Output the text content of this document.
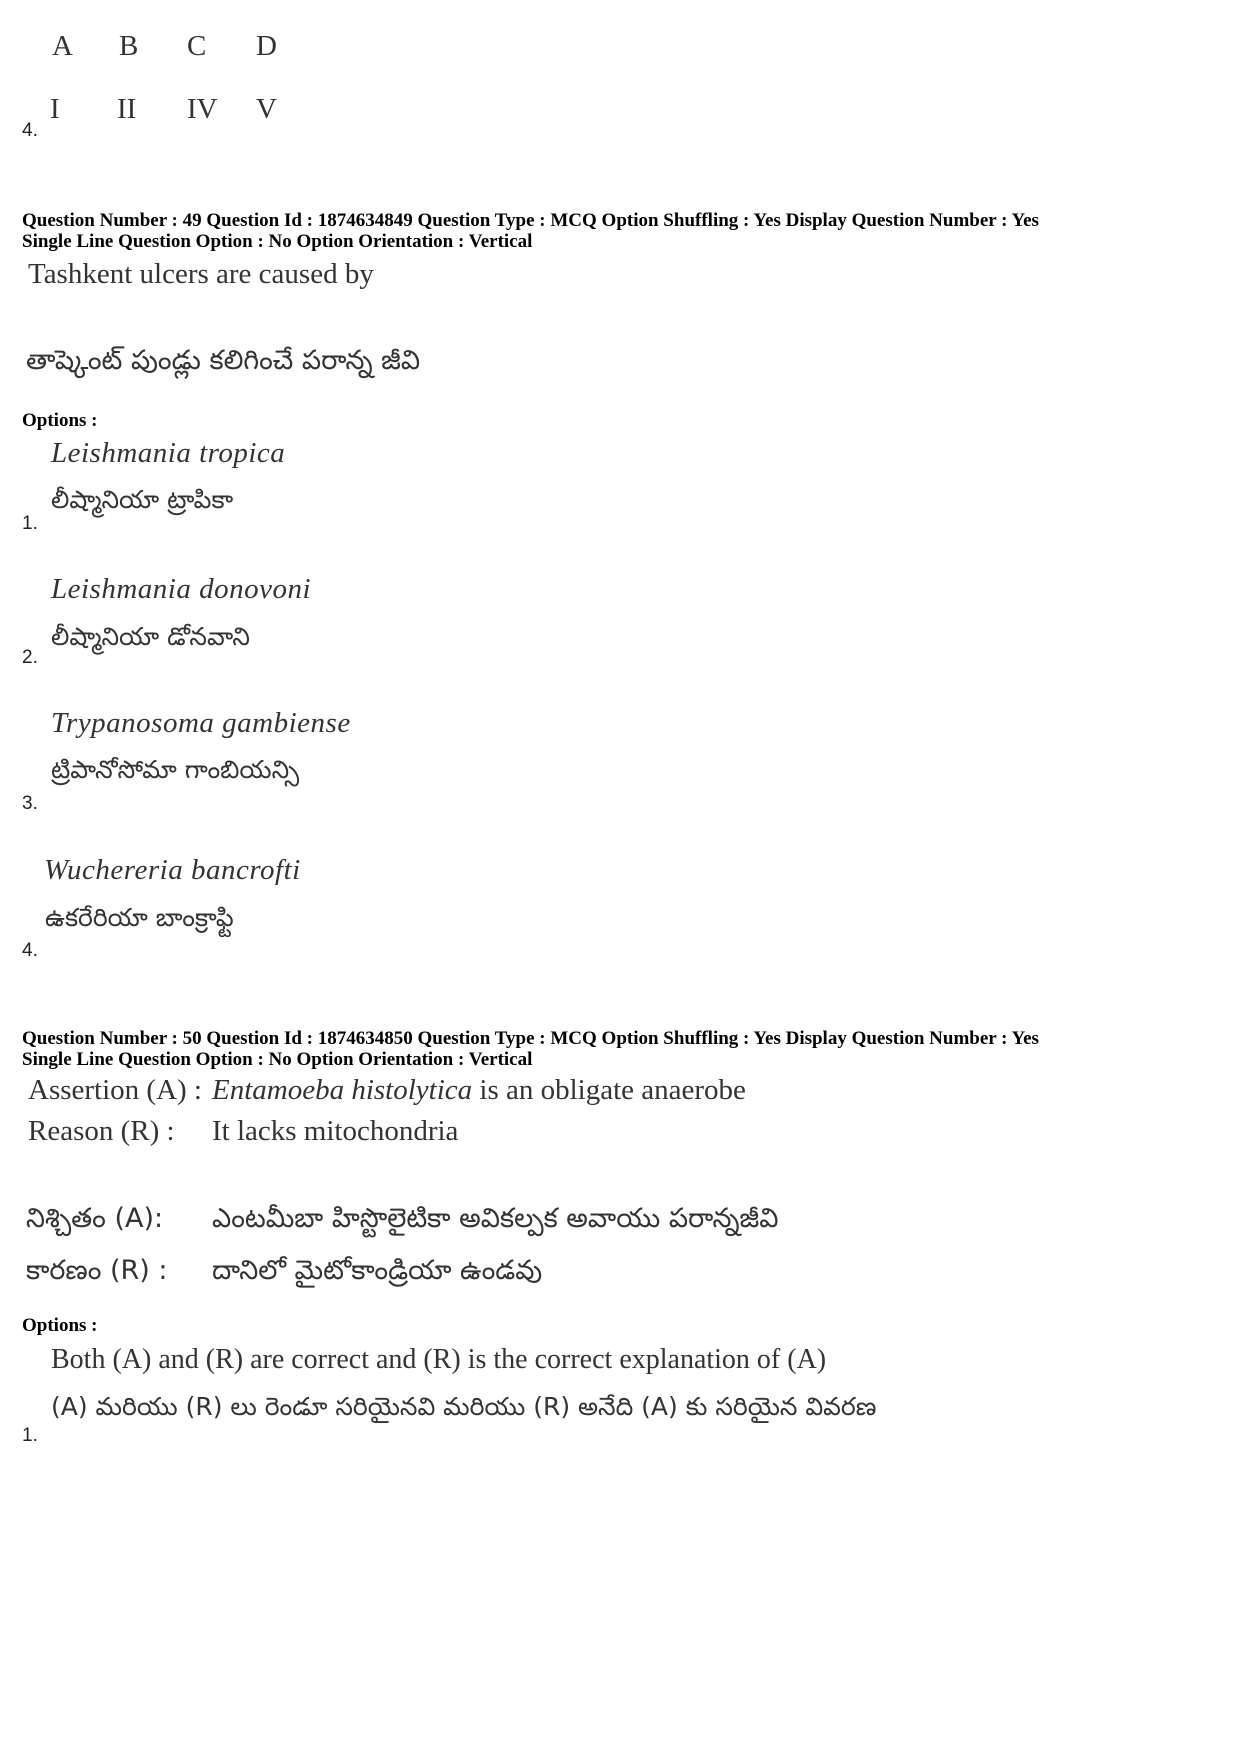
A B C D
I II IV V
4.
Question Number : 49 Question Id : 1874634849 Question Type : MCQ Option Shuffling : Yes Display Question Number : Yes
Single Line Question Option : No Option Orientation : Vertical
Tashkent ulcers are caused by
తాష్కెంట్ పుండ్లు కలిగించే పరాన్న జీవి
Options :
Leishmania tropica
లీష్మానియా ట్రాపికా
1.
Leishmania donovoni
లీష్మానియా డోనవాని
2.
Trypanosoma gambiense
ట్రిపానోసోమా గాంబియన్సి
3.
Wuchereria bancrofti
ఉకరేరియా బాంక్రాఫ్టి
4.
Question Number : 50 Question Id : 1874634850 Question Type : MCQ Option Shuffling : Yes Display Question Number : Yes
Single Line Question Option : No Option Orientation : Vertical
Assertion (A) : Entamoeba histolytica is an obligate anaerobe
Reason (R) : It lacks mitochondria
నిశ్చితం (A): ఎంటమీబా హిస్టొలైటికా అవికల్పక అవాయు పరాన్నజీవి
కారణం (R) : దానిలో మైటోకాండ్రియా ఉండవు
Options :
Both (A) and (R) are correct and (R) is the correct explanation of (A)
(A) మరియు (R) లు రెండూ సరియైనవి మరియు (R) అనేది (A) కు సరియైన వివరణ
1.
